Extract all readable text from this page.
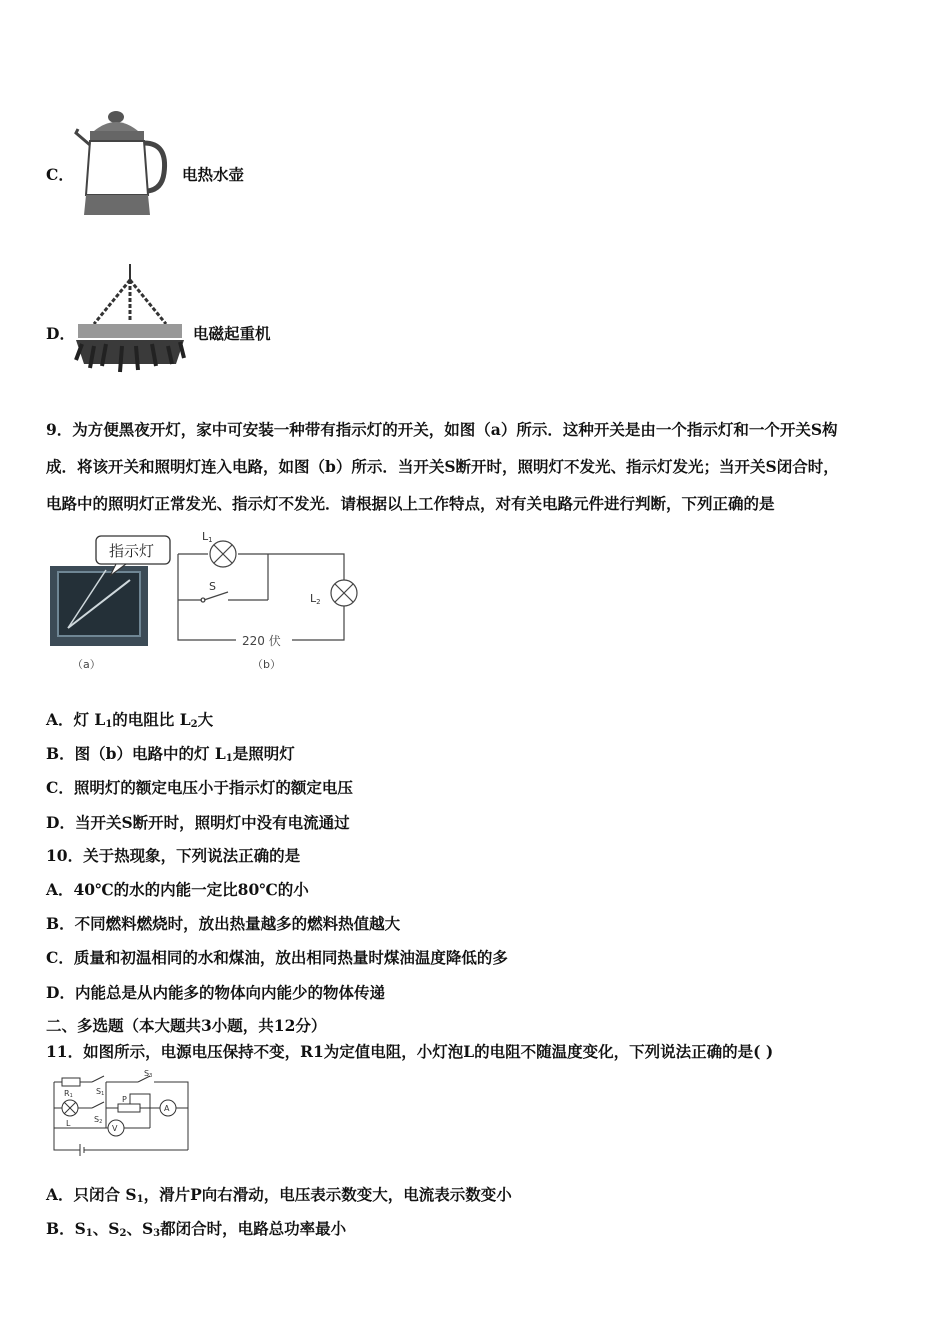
C．	电热水壶
D．	电磁起重机
9．为方便黑夜开灯，家中可安装一种带有指示灯的开关，如图（a）所示．这种开关是由一个指示灯和一个开关S构
成．将该开关和照明灯连入电路，如图（b）所示．当开关S断开时，照明灯不发光、指示灯发光；当开关S闭合时，
电路中的照明灯正常发光、指示灯不发光．请根据以上工作特点，对有关电路元件进行判断，下列正确的是
指示灯
（a）
220 伏
L1
L2
S
（b）
A．灯 $L_1$的电阻比 $L_2$大
B．图（b）电路中的灯 $L_1$是照明灯
C．照明灯的额定电压小于指示灯的额定电压
D．当开关S断开时，照明灯中没有电流通过
10．关于热现象，下列说法正确的是
A．40℃的水的内能一定比80℃的小
B．不同燃料燃烧时，放出热量越多的燃料热值越大
C．质量和初温相同的水和煤油，放出相同热量时煤油温度降低的多
D．内能总是从内能多的物体向内能少的物体传递
二、多选题（本大题共3小题，共12分）
11．如图所示，电源电压保持不变，R1为定值电阻，小灯泡L的电阻不随温度变化，下列说法正确的是( )
R1	S1
S3
S2
P
L
A
V
A．只闭合 $S_1$，滑片P向右滑动，电压表示数变大，电流表示数变小
B．$S_1$、$S_2$、$S_3$都闭合时，电路总功率最小
